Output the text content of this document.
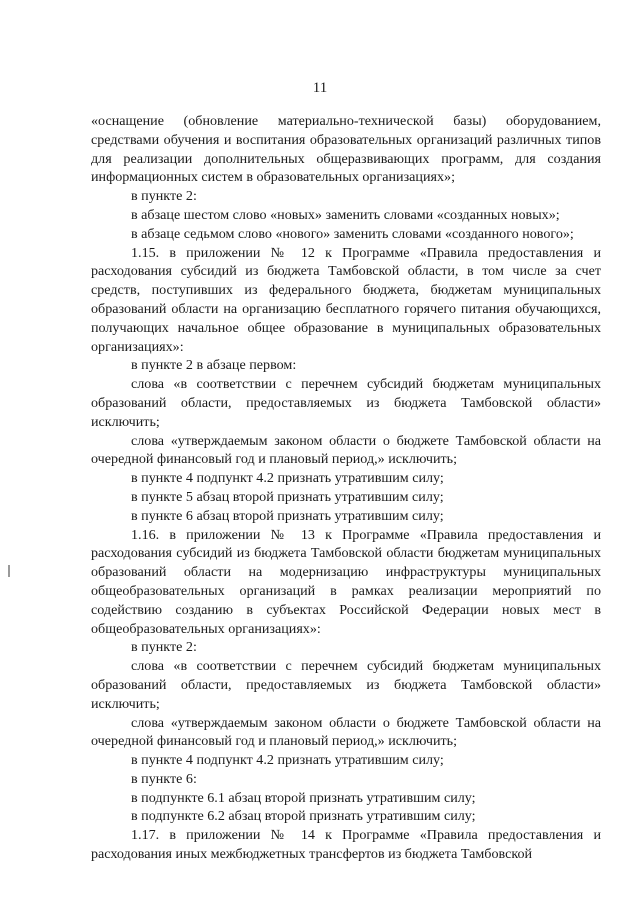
11

«оснащение (обновление материально-технической базы) оборудованием, средствами обучения и воспитания образовательных организаций различных типов для реализации дополнительных общеразвивающих программ, для создания информационных систем в образовательных организациях»;

в пункте 2:

в абзаце шестом слово «новых» заменить словами «созданных новых»;

в абзаце седьмом слово «нового» заменить словами «созданного нового»;

1.15. в приложении № 12 к Программе «Правила предоставления и расходования субсидий из бюджета Тамбовской области, в том числе за счет средств, поступивших из федерального бюджета, бюджетам муниципальных образований области на организацию бесплатного горячего питания обучающихся, получающих начальное общее образование в муниципальных образовательных организациях»:

в пункте 2 в абзаце первом:

слова «в соответствии с перечнем субсидий бюджетам муниципальных образований области, предоставляемых из бюджета Тамбовской области» исключить;

слова «утверждаемым законом области о бюджете Тамбовской области на очередной финансовый год и плановый период,» исключить;

в пункте 4 подпункт 4.2 признать утратившим силу;

в пункте 5 абзац второй признать утратившим силу;

в пункте 6 абзац второй признать утратившим силу;

1.16. в приложении № 13 к Программе «Правила предоставления и расходования субсидий из бюджета Тамбовской области бюджетам муниципальных образований области на модернизацию инфраструктуры муниципальных общеобразовательных организаций в рамках реализации мероприятий по содействию созданию в субъектах Российской Федерации новых мест в общеобразовательных организациях»:

в пункте 2:

слова «в соответствии с перечнем субсидий бюджетам муниципальных образований области, предоставляемых из бюджета Тамбовской области» исключить;

слова «утверждаемым законом области о бюджете Тамбовской области на очередной финансовый год и плановый период,» исключить;

в пункте 4 подпункт 4.2 признать утратившим силу;

в пункте 6:

в подпункте 6.1 абзац второй признать утратившим силу;

в подпункте 6.2 абзац второй признать утратившим силу;

1.17. в приложении № 14 к Программе «Правила предоставления и расходования иных межбюджетных трансфертов из бюджета Тамбовской
